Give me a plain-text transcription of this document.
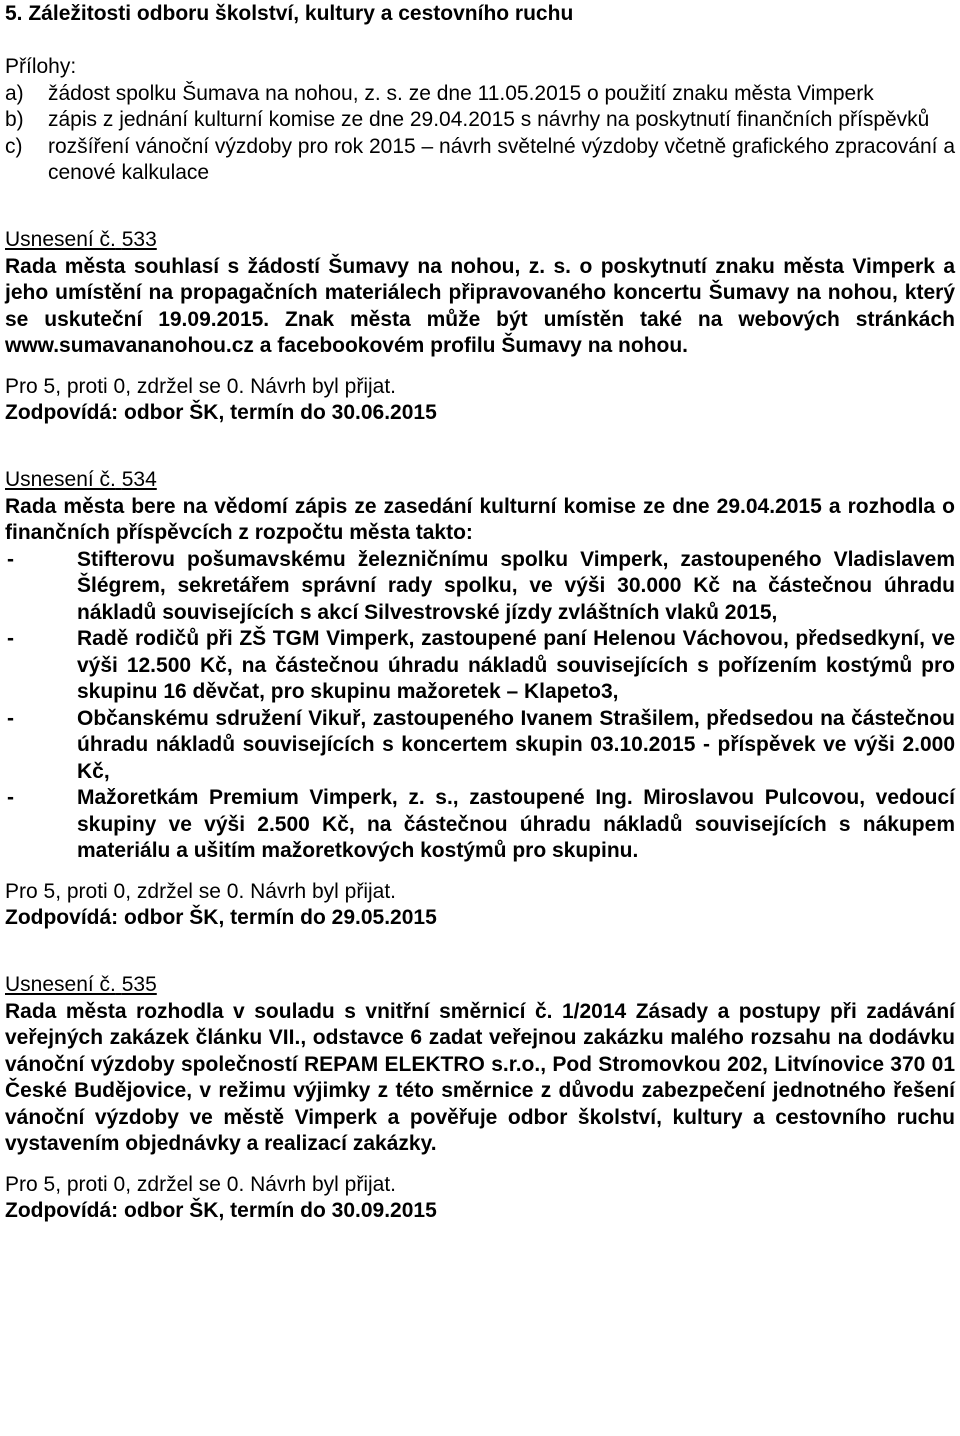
5. Záležitosti odboru školství, kultury a cestovního ruchu
Přílohy:
a)	žádost spolku Šumava na nohou, z. s. ze dne 11.05.2015 o použití znaku města Vimperk
b)	zápis z jednání kulturní komise ze dne 29.04.2015 s návrhy na poskytnutí finančních příspěvků
c)	rozšíření vánoční výzdoby pro rok 2015 – návrh světelné výzdoby včetně grafického zpracování a cenové kalkulace
Usnesení č. 533
Rada města souhlasí s žádostí Šumavy na nohou, z. s. o poskytnutí znaku města Vimperk a jeho umístění na propagačních materiálech připravovaného koncertu Šumavy na nohou, který se uskuteční 19.09.2015. Znak města může být umístěn také na webových stránkách www.sumavananohou.cz a facebookovém profilu Šumavy na nohou.
Pro 5, proti 0, zdržel se 0. Návrh byl přijat.
Zodpovídá: odbor ŠK, termín do 30.06.2015
Usnesení č. 534
Rada města bere na vědomí zápis ze zasedání kulturní komise ze dne 29.04.2015 a rozhodla o finančních příspěvcích z rozpočtu města takto:
-	Stifterovu pošumavskému železničnímu spolku Vimperk, zastoupeného Vladislavem Šlégrem, sekretářem správní rady spolku, ve výši 30.000 Kč na částečnou úhradu nákladů souvisejících s akcí Silvestrovské jízdy zvláštních vlaků 2015,
-	Radě rodičů při ZŠ TGM Vimperk, zastoupené paní Helenou Váchovou, předsedkyní, ve výši 12.500 Kč, na částečnou úhradu nákladů souvisejících s pořízením kostýmů pro skupinu 16 děvčat, pro skupinu mažoretek – Klapeto3,
-	Občanskému sdružení Vikuř, zastoupeného Ivanem Strašilem, předsedou na částečnou úhradu nákladů souvisejících s koncertem skupin 03.10.2015 - příspěvek ve výši 2.000 Kč,
-	Mažoretkám Premium Vimperk, z. s., zastoupené Ing. Miroslavou Pulcovou, vedoucí skupiny ve výši 2.500 Kč, na částečnou úhradu nákladů souvisejících s nákupem materiálu a ušitím mažoretkových kostýmů pro skupinu.
Pro 5, proti 0, zdržel se 0. Návrh byl přijat.
Zodpovídá: odbor ŠK, termín do 29.05.2015
Usnesení č. 535
Rada města rozhodla v souladu s vnitřní směrnicí č. 1/2014 Zásady a postupy při zadávání veřejných zakázek článku VII., odstavce 6 zadat veřejnou zakázku malého rozsahu na dodávku vánoční výzdoby společností REPAM ELEKTRO s.r.o., Pod Stromovkou 202, Litvínovice 370 01 České Budějovice, v režimu výjimky z této směrnice z důvodu zabezpečení jednotného řešení vánoční výzdoby ve městě Vimperk a pověřuje odbor školství, kultury a cestovního ruchu vystavením objednávky a realizací zakázky.
Pro 5, proti 0, zdržel se 0. Návrh byl přijat.
Zodpovídá: odbor ŠK, termín do 30.09.2015
